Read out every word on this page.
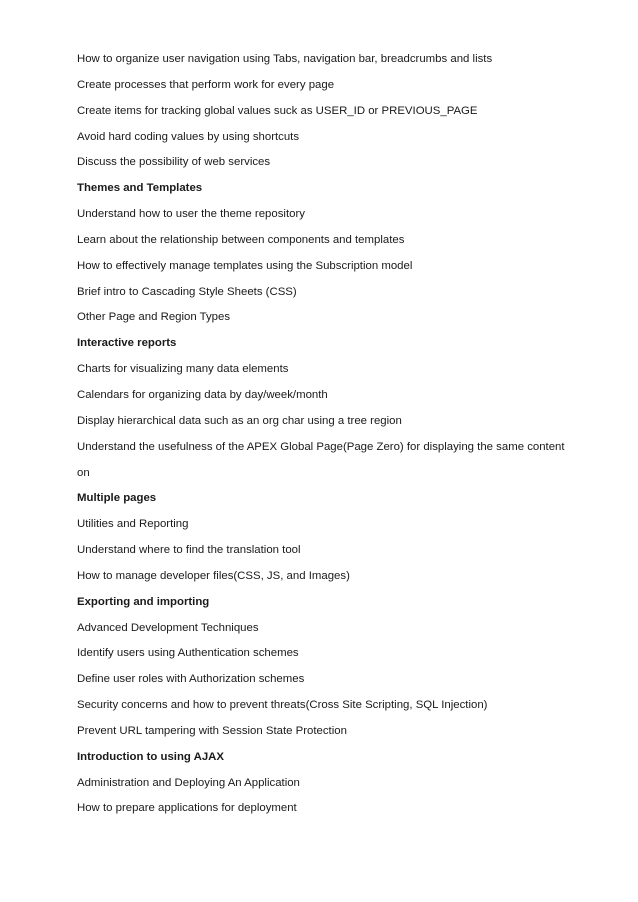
How to organize user navigation using Tabs, navigation bar, breadcrumbs and lists
Create processes that perform work for every page
Create items for tracking global values suck as USER_ID or PREVIOUS_PAGE
Avoid hard coding values by using shortcuts
Discuss the possibility of web services
Themes and Templates
Understand how to user the theme repository
Learn about the relationship between components and templates
How to effectively manage templates using the Subscription model
Brief intro to Cascading Style Sheets (CSS)
Other Page and Region Types
Interactive reports
Charts for visualizing many data elements
Calendars for organizing data by day/week/month
Display hierarchical data such as an org char using a tree region
Understand the usefulness of the APEX Global Page(Page Zero) for displaying the same content
on
Multiple pages
Utilities and Reporting
Understand where to find the translation tool
How to manage developer files(CSS, JS, and Images)
Exporting and importing
Advanced Development Techniques
Identify users using Authentication schemes
Define user roles with Authorization schemes
Security concerns and how to prevent threats(Cross Site Scripting, SQL Injection)
Prevent URL tampering with Session State Protection
Introduction to using AJAX
Administration and Deploying An Application
How to prepare applications for deployment
